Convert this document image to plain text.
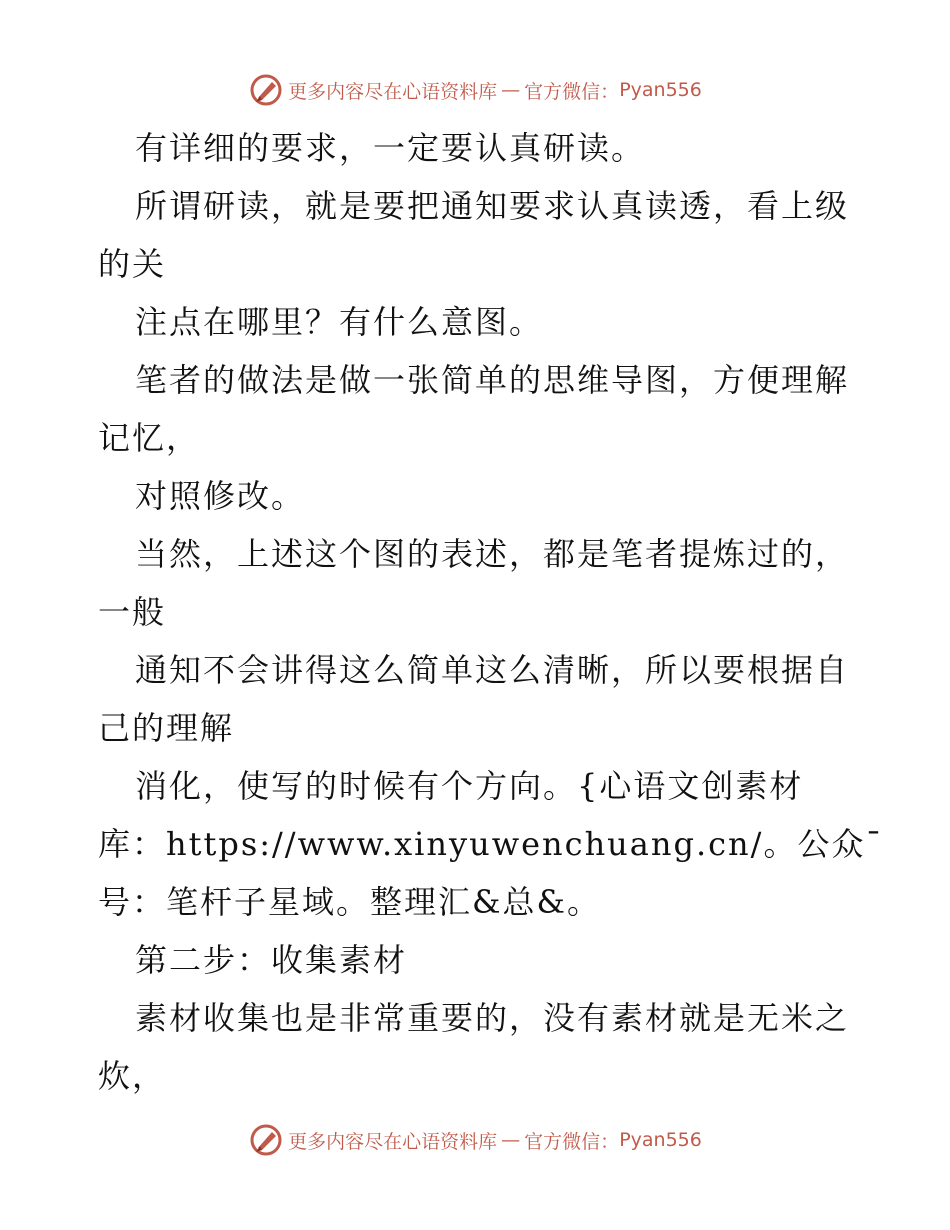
更多内容尽在心语资料库 — 官方微信： Pyan556
有详细的要求，一定要认真研读。
所谓研读，就是要把通知要求认真读透，看上级
的关
注点在哪里？有什么意图。
笔者的做法是做一张简单的思维导图，方便理解
记忆，
对照修改。
当然，上述这个图的表述，都是笔者提炼过的，
一般
通知不会讲得这么简单这么清晰，所以要根据自
己的理解
消化，使写的时候有个方向。{心语文创素材
库：https://www.xinyuwenchuang.cn/。公众¯
号：笔杆子星域。整理汇&总&。
第二步：收集素材
素材收集也是非常重要的，没有素材就是无米之
炊，
更多内容尽在心语资料库 — 官方微信： Pyan556
